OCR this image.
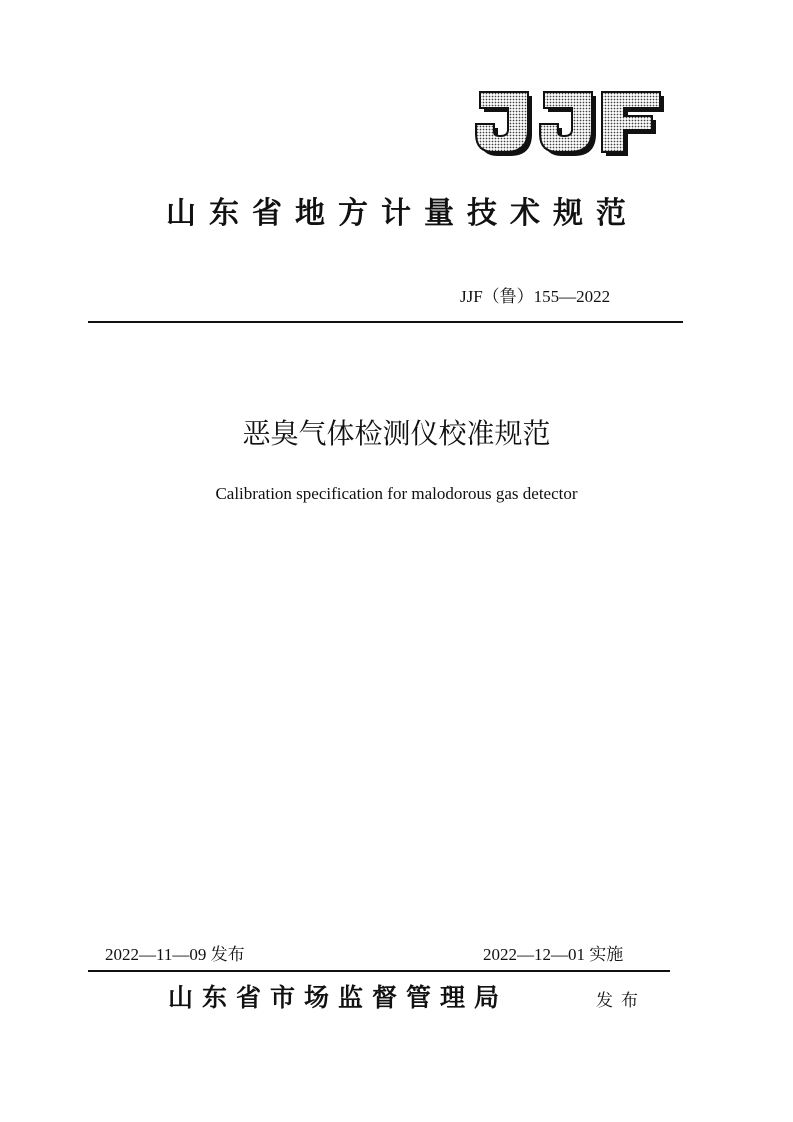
山东省地方计量技术规范
JJF（鲁）155—2022
恶臭气体检测仪校准规范
Calibration specification for malodorous gas detector
2022—11—09 发布	2022—12—01 实施
山东省市场监督管理局	发布
